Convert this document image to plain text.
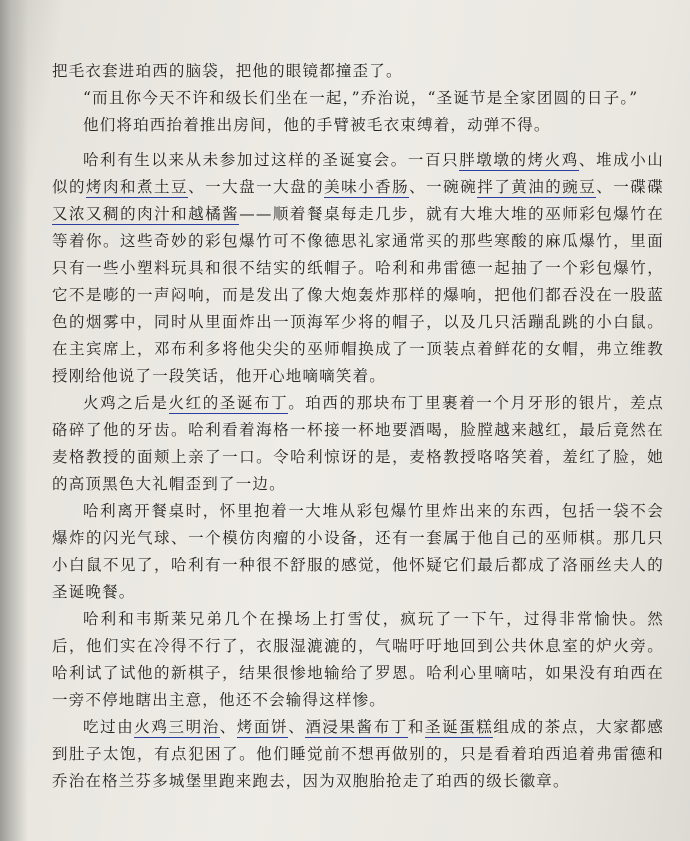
把毛衣套进珀西的脑袋，把他的眼镜都撞歪了。

“而且你今天不许和级长们坐在一起，”乔治说，“圣诞节是全家团圆的日子。”

他们将珀西抬着推出房间，他的手臂被毛衣束缚着，动弹不得。

哈利有生以来从未参加过这样的圣诞宴会。一百只胖墩墩的烤火鸡、堆成小山似的烤肉和煮土豆、一大盘一大盘的美味小香肠、一碗碗拌了黄油的豌豆、一碟碟又浓又稠的肉汁和越橘酱——顺着餐桌每走几步，就有大堆大堆的巫师彩包爆竹在等着你。这些奇妙的彩包爆竹可不像德思礼家通常买的那些寒酸的麻瓜爆竹，里面只有一些小塑料玩具和很不结实的纸帽子。哈利和弗雷德一起抽了一个彩包爆竹，它不是嘭的一声闷响，而是发出了像大炮轰炸那样的爆响，把他们都吞没在一股蓝色的烟雾中，同时从里面炸出一顶海军少将的帽子，以及几只活蹦乱跳的小白鼠。在主宾席上，邓布利多将他尖尖的巫师帽换成了一顶装点着鲜花的女帽，弗立维教授刚给他说了一段笑话，他开心地嘀嘀笑着。

火鸡之后是火红的圣诞布丁。珀西的那块布丁里裹着一个月牙形的银片，差点硌碎了他的牙齿。哈利看着海格一杯接一杯地要酒喝，脸膛越来越红，最后竟然在麦格教授的面颊上亲了一口。令哈利惊讶的是，麦格教授咯咯笑着，羞红了脸，她的高顶黑色大礼帽歪到了一边。

哈利离开餐桌时，怀里抱着一大堆从彩包爆竹里炸出来的东西，包括一袋不会爆炸的闪光气球、一个模仿肉瘤的小设备，还有一套属于他自己的巫师棋。那几只小白鼠不见了，哈利有一种很不舒服的感觉，他怀疑它们最后都成了洛丽丝夫人的圣诞晚餐。

哈利和韦斯莱兄弟几个在操场上打雪仗，疯玩了一下午，过得非常愉快。然后，他们实在冷得不行了，衣服湿漉漉的，气喘吁吁地回到公共休息室的炉火旁。哈利试了试他的新棋子，结果很惨地输给了罗恩。哈利心里嘀咕，如果没有珀西在一旁不停地瞎出主意，他还不会输得这样惨。

吃过由火鸡三明治、烤面饼、酒浸果酱布丁和圣诞蛋糕组成的茶点，大家都感到肚子太饱，有点犯困了。他们睡觉前不想再做别的，只是看着珀西追着弗雷德和乔治在格兰芬多城堡里跑来跑去，因为双胞胎抢走了珀西的级长徽章。
